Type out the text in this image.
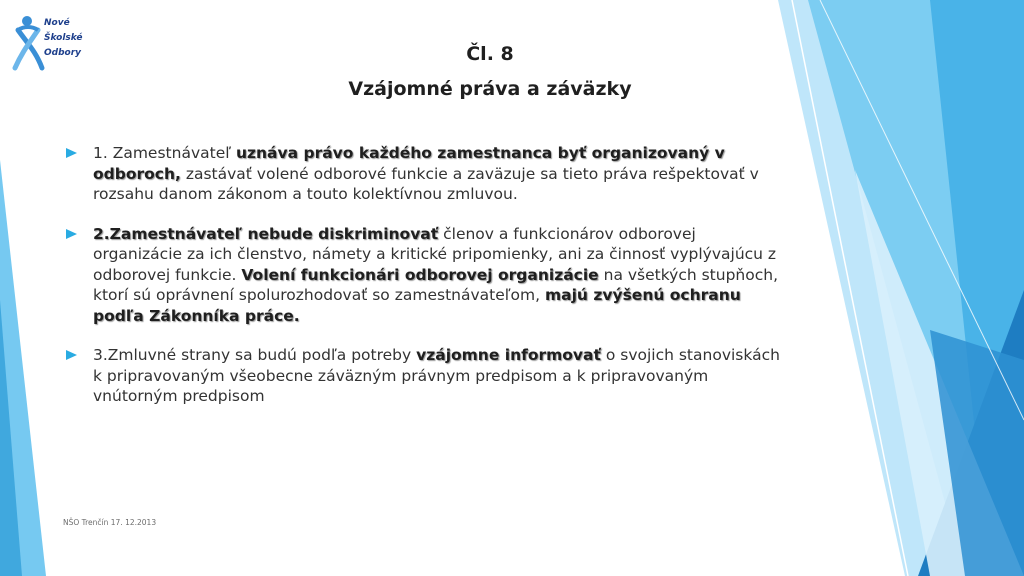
Nové
Školské
Odbory	Čl. 8
Vzájomné práva a záväzky
1. Zamestnávateľ uznáva právo každého zamestnanca byť organizovaný v odboroch, zastávať volené odborové funkcie a zaväzuje sa tieto práva rešpektovať v rozsahu danom zákonom a touto kolektívnou zmluvou.
2.Zamestnávateľ nebude diskriminovať členov a funkcionárov odborovej organizácie za ich členstvo, námety a kritické pripomienky, ani za činnosť vyplývajúcu z odborovej funkcie. Volení funkcionári odborovej organizácie na všetkých stupňoch, ktorí sú oprávnení spolurozhodovať so zamestnávateľom, majú zvýšenú ochranu podľa Zákonníka práce.
3.Zmluvné strany sa budú podľa potreby vzájomne informovať o svojich stanoviskách k pripravovaným všeobecne záväzným právnym predpisom a k pripravovaným vnútorným predpisom
NŠO Trenčín 17. 12.2013
